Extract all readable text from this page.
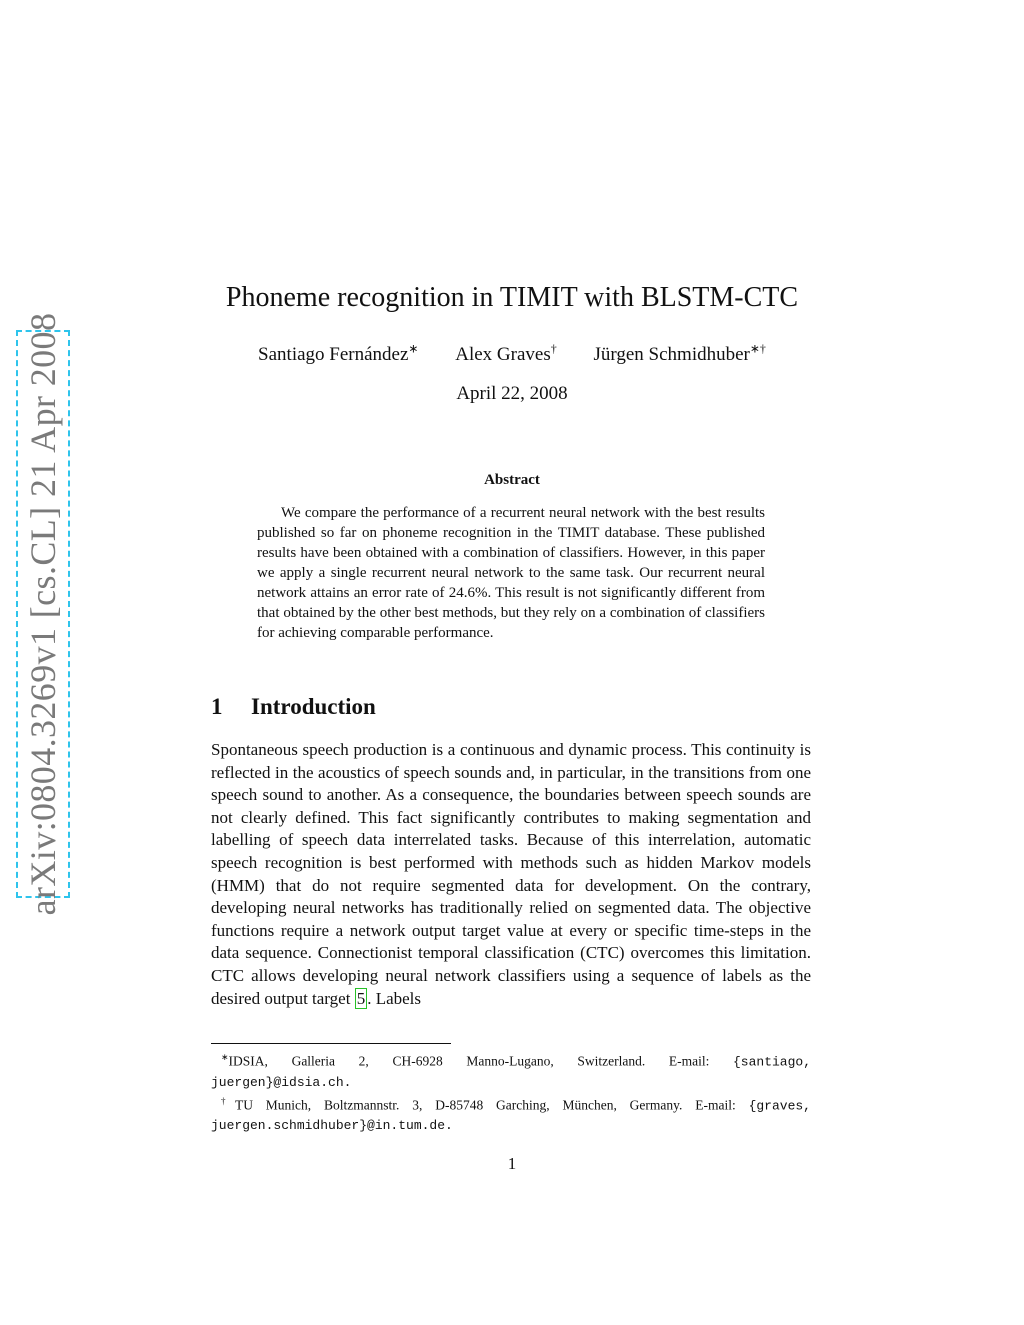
arXiv:0804.3269v1 [cs.CL] 21 Apr 2008
Phoneme recognition in TIMIT with BLSTM-CTC
Santiago Fernández∗ Alex Graves† Jürgen Schmidhuber∗†
April 22, 2008
Abstract
We compare the performance of a recurrent neural network with the best results published so far on phoneme recognition in the TIMIT database. These published results have been obtained with a combination of classifiers. However, in this paper we apply a single recurrent neural network to the same task. Our recurrent neural network attains an error rate of 24.6%. This result is not significantly different from that obtained by the other best methods, but they rely on a combination of classifiers for achieving comparable performance.
1 Introduction
Spontaneous speech production is a continuous and dynamic process. This continuity is reflected in the acoustics of speech sounds and, in particular, in the transitions from one speech sound to another. As a consequence, the boundaries between speech sounds are not clearly defined. This fact significantly contributes to making segmentation and labelling of speech data interrelated tasks. Because of this interrelation, automatic speech recognition is best performed with methods such as hidden Markov models (HMM) that do not require segmented data for development. On the contrary, developing neural networks has traditionally relied on segmented data. The objective functions require a network output target value at every or specific time-steps in the data sequence. Connectionist temporal classification (CTC) overcomes this limitation. CTC allows developing neural network classifiers using a sequence of labels as the desired output target 5 . Labels

∗IDSIA, Galleria 2, CH-6928 Manno-Lugano, Switzerland. E-mail: {santiago, juergen}@idsia.ch.

†TU Munich, Boltzmannstr. 3, D-85748 Garching, München, Germany. E-mail: {graves, juergen.schmidhuber}@in.tum.de.

1
